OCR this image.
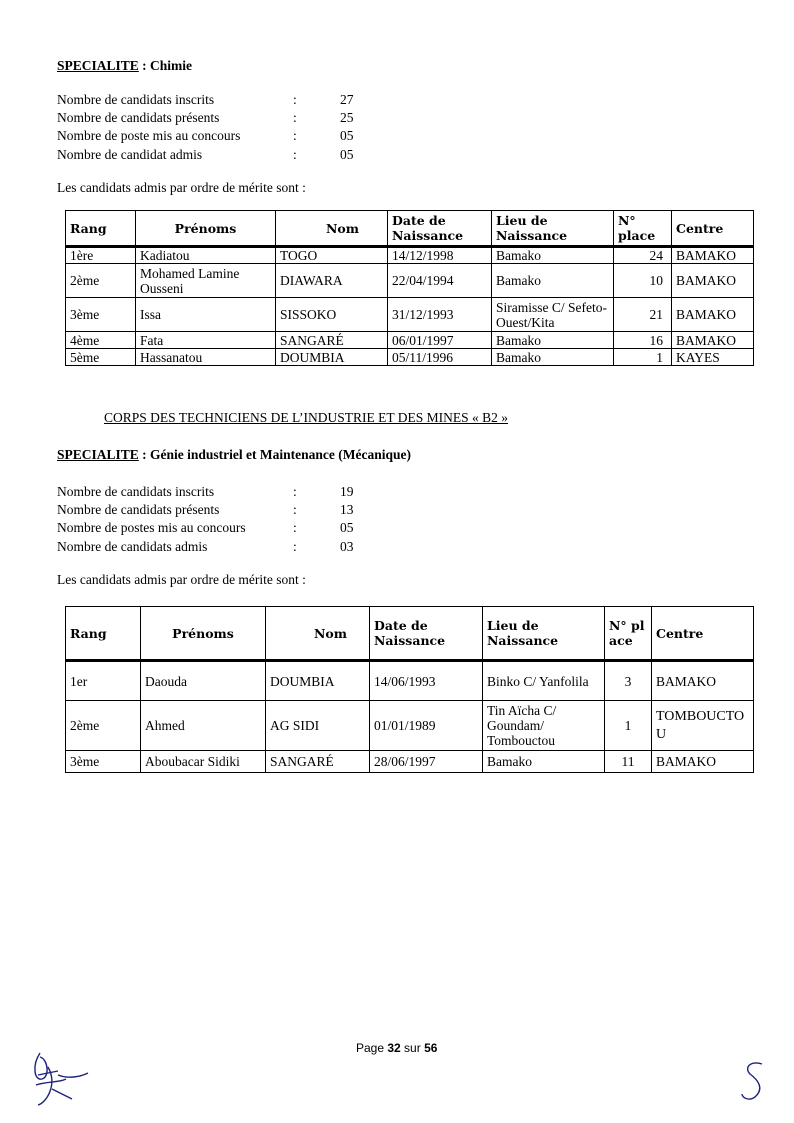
SPECIALITE : Chimie
Nombre de candidats inscrits	:	27
Nombre de candidats présents	:	25
Nombre de poste mis au concours	:	05
Nombre de candidat admis	:	05
Les candidats admis par ordre de mérite sont :
Rang	Prénoms	Nom	Date de Naissance	Lieu de Naissance	N° place	Centre
1ère	Kadiatou	TOGO	14/12/1998	Bamako	24	BAMAKO
2ème	Mohamed Lamine Ousseni	DIAWARA	22/04/1994	Bamako	10	BAMAKO
3ème	Issa	SISSOKO	31/12/1993	Siramisse C/ Sefeto-Ouest/Kita	21	BAMAKO
4ème	Fata	SANGARÉ	06/01/1997	Bamako	16	BAMAKO
5ème	Hassanatou	DOUMBIA	05/11/1996	Bamako	1	KAYES
CORPS DES TECHNICIENS DE L’INDUSTRIE ET DES MINES « B2 »
SPECIALITE : Génie industriel et Maintenance (Mécanique)
Nombre de candidats inscrits	:	19
Nombre de candidats présents	:	13
Nombre de postes mis au concours	:	05
Nombre de candidats admis	:	03
Les candidats admis par ordre de mérite sont :
Rang	Prénoms	Nom	Date de Naissance	Lieu de Naissance	N° place	Centre
1er	Daouda	DOUMBIA	14/06/1993	Binko C/ Yanfolila	3	BAMAKO
2ème	Ahmed	AG SIDI	01/01/1989	Tin Aïcha C/ Goundam/ Tombouctou	1	TOMBOUCTOU
3ème	Aboubacar Sidiki	SANGARÉ	28/06/1997	Bamako	11	BAMAKO
Page 32 sur 56
